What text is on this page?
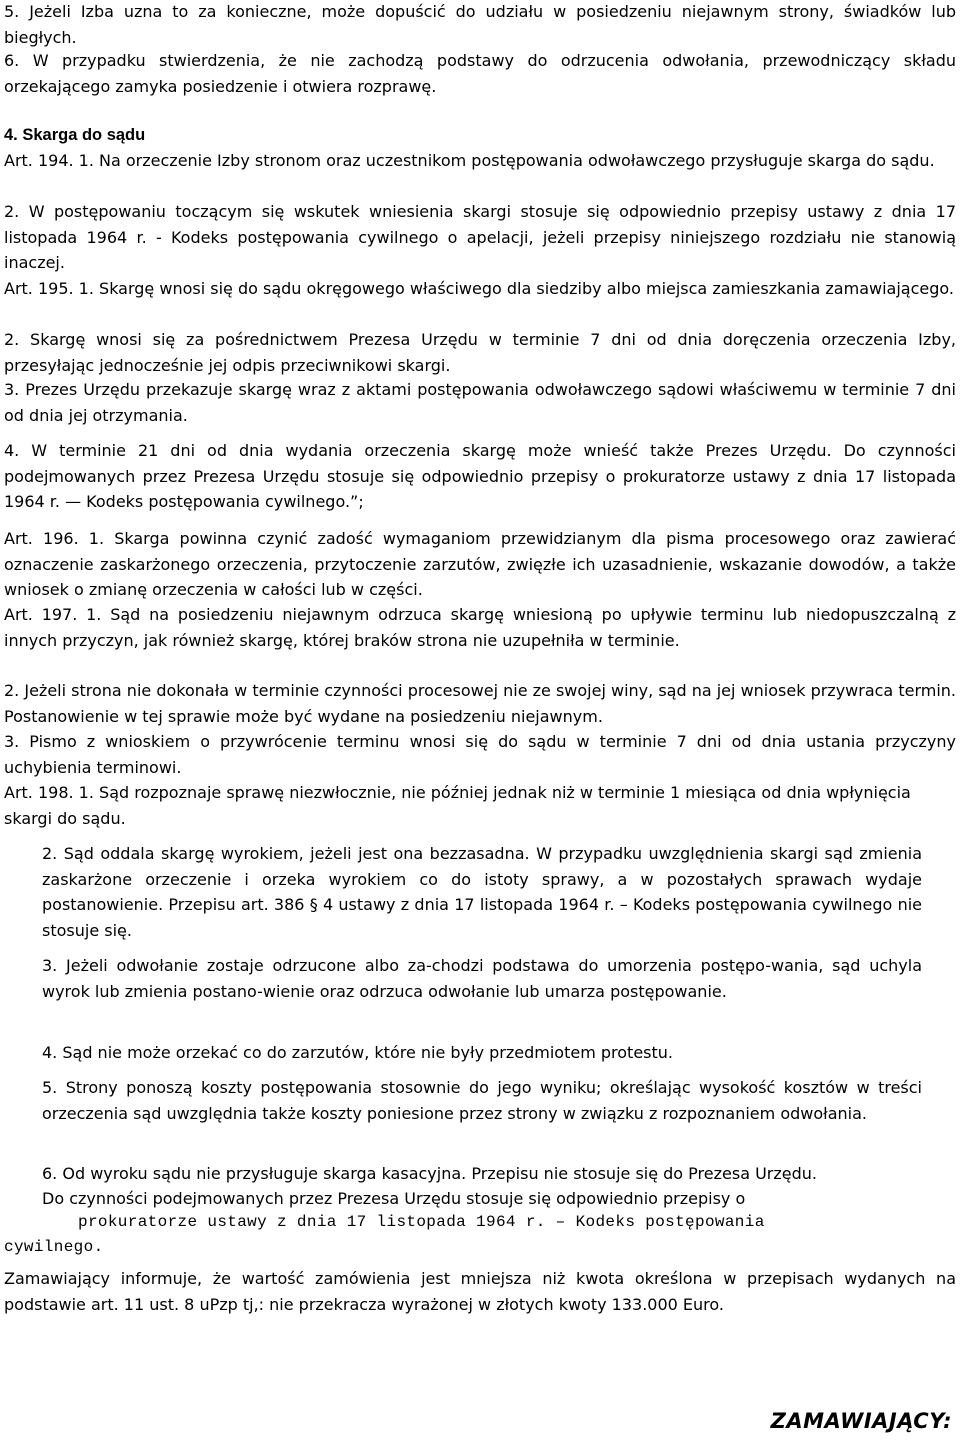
5. Jeżeli Izba uzna to za konieczne, może dopuścić do udziału w posiedzeniu niejawnym strony, świadków lub biegłych.

6. W przypadku stwierdzenia, że nie zachodzą podstawy do odrzucenia odwołania, przewodniczący składu orzekającego zamyka posiedzenie i otwiera rozprawę.

4. Skarga do sądu

Art. 194. 1. Na orzeczenie Izby stronom oraz uczestnikom postępowania odwoławczego przysługuje skarga do sądu.

2. W postępowaniu toczącym się wskutek wniesienia skargi stosuje się odpowiednio przepisy ustawy z dnia 17 listopada 1964 r. - Kodeks postępowania cywilnego o apelacji, jeżeli przepisy niniejszego rozdziału nie stanowią inaczej.

Art. 195. 1. Skargę wnosi się do sądu okręgowego właściwego dla siedziby albo miejsca zamieszkania zamawiającego.

2. Skargę wnosi się za pośrednictwem Prezesa Urzędu w terminie 7 dni od dnia doręczenia orzeczenia Izby, przesyłając jednocześnie jej odpis przeciwnikowi skargi.

3. Prezes Urzędu przekazuje skargę wraz z aktami postępowania odwoławczego sądowi właściwemu w terminie 7 dni od dnia jej otrzymania.

4. W terminie 21 dni od dnia wydania orzeczenia skargę może wnieść także Prezes Urzędu. Do czynności podejmowanych przez Prezesa Urzędu stosuje się odpowiednio przepisy o prokuratorze ustawy z dnia 17 listopada 1964 r. — Kodeks postępowania cywilnego.”;

Art. 196. 1. Skarga powinna czynić zadość wymaganiom przewidzianym dla pisma procesowego oraz zawierać oznaczenie zaskarżonego orzeczenia, przytoczenie zarzutów, zwięzłe ich uzasadnienie, wskazanie dowodów, a także wniosek o zmianę orzeczenia w całości lub w części.

Art. 197. 1. Sąd na posiedzeniu niejawnym odrzuca skargę wniesioną po upływie terminu lub niedopuszczalną z innych przyczyn, jak również skargę, której braków strona nie uzupełniła w terminie.

2. Jeżeli strona nie dokonała w terminie czynności procesowej nie ze swojej winy, sąd na jej wniosek przywraca termin. Postanowienie w tej sprawie może być wydane na posiedzeniu niejawnym.

3. Pismo z wnioskiem o przywrócenie terminu wnosi się do sądu w terminie 7 dni od dnia ustania przyczyny uchybienia terminowi.

Art. 198. 1. Sąd rozpoznaje sprawę niezwłocznie, nie później jednak niż w terminie 1 miesiąca od dnia wpłynięcia skargi do sądu.

2. Sąd oddala skargę wyrokiem, jeżeli jest ona bezzasadna. W przypadku uwzględnienia skargi sąd zmienia zaskarżone orzeczenie i orzeka wyrokiem co do istoty sprawy, a w pozostałych sprawach wydaje postanowienie. Przepisu art. 386 § 4 ustawy z dnia 17 listopada 1964 r. – Kodeks postępowania cywilnego nie stosuje się.

3. Jeżeli odwołanie zostaje odrzucone albo za-chodzi podstawa do umorzenia postępo-wania, sąd uchyla wyrok lub zmienia postano-wienie oraz odrzuca odwołanie lub umarza postępowanie.

4. Sąd nie może orzekać co do zarzutów, które nie były przedmiotem protestu.

5. Strony ponoszą koszty postępowania stosownie do jego wyniku; określając wysokość kosztów w treści orzeczenia sąd uwzględnia także koszty poniesione przez strony w związku z rozpoznaniem odwołania.

6. Od wyroku sądu nie przysługuje skarga kasacyjna. Przepisu nie stosuje się do Prezesa Urzędu.

Do czynności podejmowanych przez Prezesa Urzędu stosuje się odpowiednio przepisy o

prokuratorze ustawy z dnia 17 listopada 1964 r. – Kodeks postępowania

cywilnego.

Zamawiający informuje, że wartość zamówienia jest mniejsza niż kwota określona w przepisach wydanych na podstawie art. 11 ust. 8 uPzp tj,: nie przekracza wyrażonej w złotych kwoty 133.000 Euro.

ZAMAWIAJĄCY:
